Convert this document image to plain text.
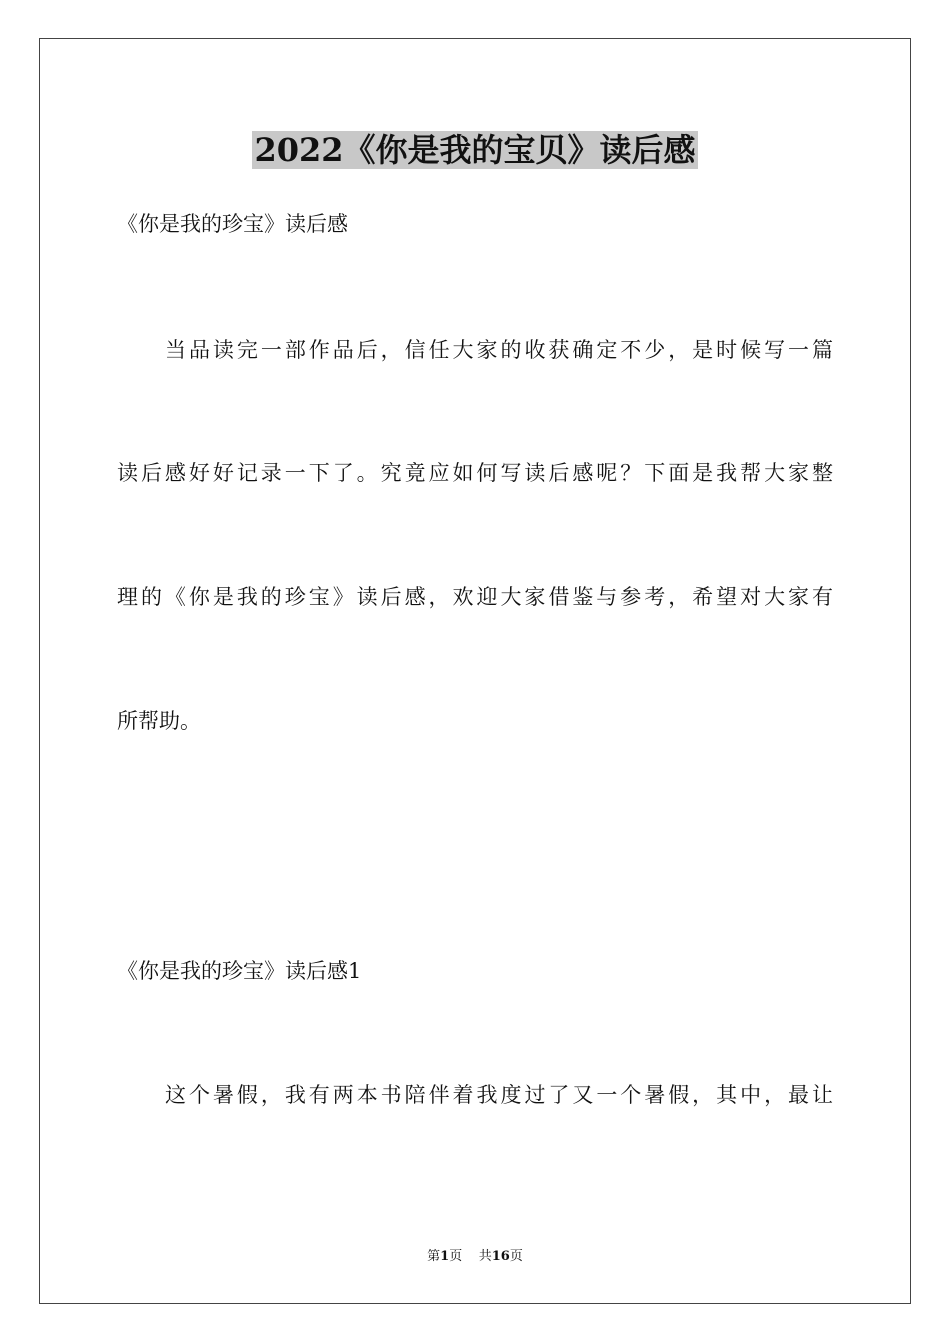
2022《你是我的宝贝》读后感

《你是我的珍宝》读后感

当品读完一部作品后，信任大家的收获确定不少，是时候写一篇

读后感好好记录一下了。究竟应如何写读后感呢？下面是我帮大家整

理的《你是我的珍宝》读后感，欢迎大家借鉴与参考，希望对大家有

所帮助。

《你是我的珍宝》读后感1

这个暑假，我有两本书陪伴着我度过了又一个暑假，其中，最让

第1页 共16页
